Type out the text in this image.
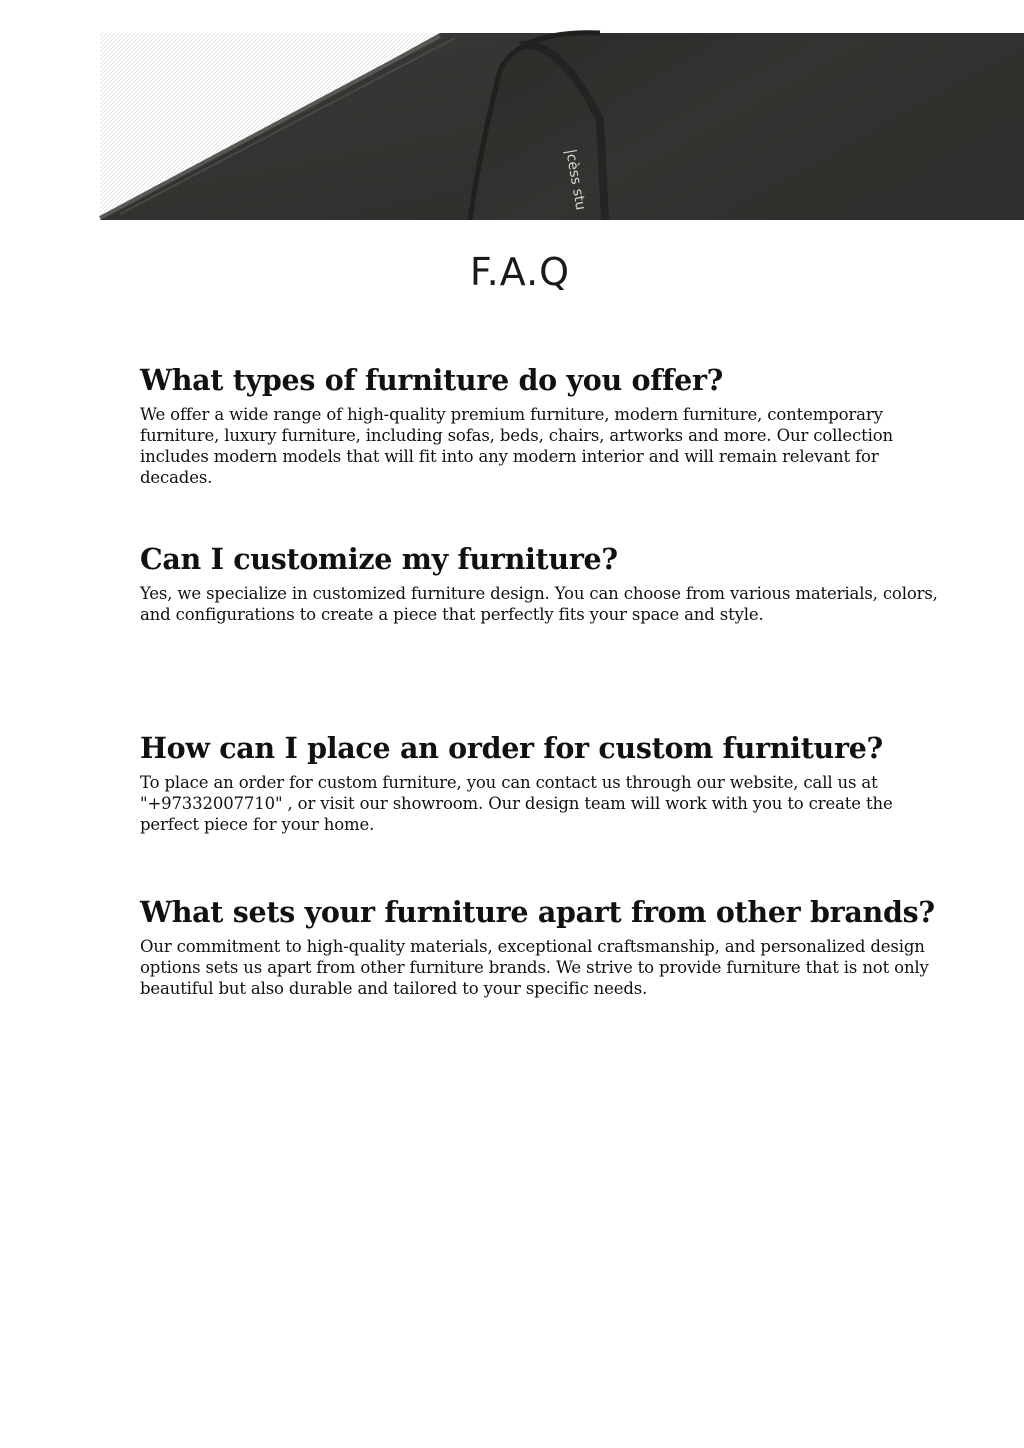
|cèss stu
F.A.Q
What types of furniture do you offer?

We offer a wide range of high-quality premium furniture, modern furniture, contemporary furniture, luxury furniture, including sofas, beds, chairs, artworks and more. Our collection includes modern models that will fit into any modern interior and will remain relevant for decades.

Can I customize my furniture?

Yes, we specialize in customized furniture design. You can choose from various materials, colors, and configurations to create a piece that perfectly fits your space and style.

How can I place an order for custom furniture?

To place an order for custom furniture, you can contact us through our website, call us at "+97332007710" , or visit our showroom. Our design team will work with you to create the perfect piece for your home.

What sets your furniture apart from other brands?

Our commitment to high-quality materials, exceptional craftsmanship, and personalized design options sets us apart from other furniture brands. We strive to provide furniture that is not only beautiful but also durable and tailored to your specific needs.
